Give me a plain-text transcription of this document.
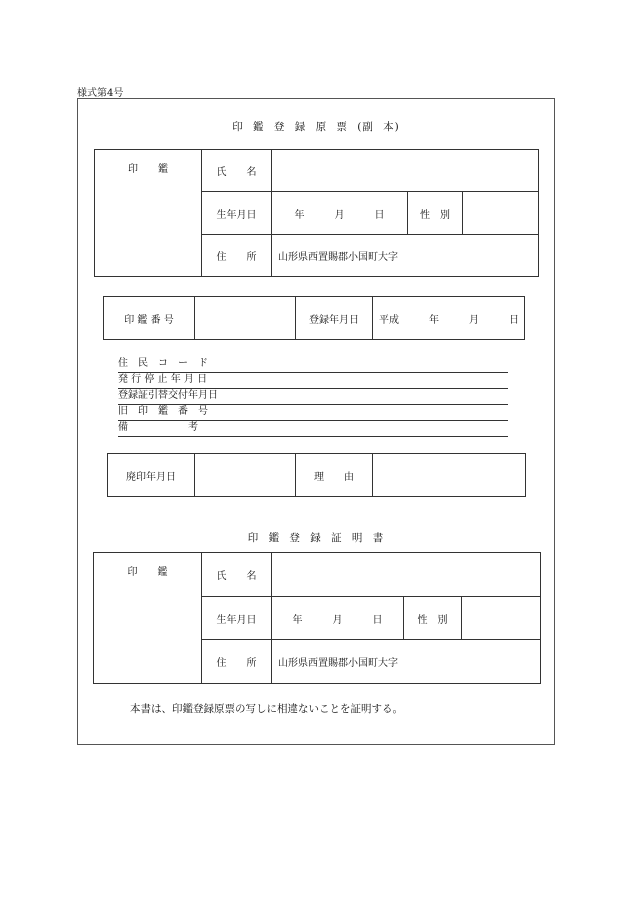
様式第4号
印 鑑 登 録 原 票 (副 本)
印　　鑑	氏　　名			
	生年月日	年　　　月　　　日	性　別	
	住　　所	山形県西置賜郡小国町大字		
印 鑑 番 号		登録年月日	平成　　　年　　　月　　　日
住　民　コ　ー　ド
発 行 停 止 年 月 日
登録証引替交付年月日
旧　印　鑑　番　号
備　　　　　　考
廃印年月日		理　　由	
印 鑑 登 録 証 明 書
印　　鑑	氏　　名			
	生年月日	年　　　月　　　日	性　別	
	住　　所	山形県西置賜郡小国町大字		
本書は、印鑑登録原票の写しに相違ないことを証明する。
